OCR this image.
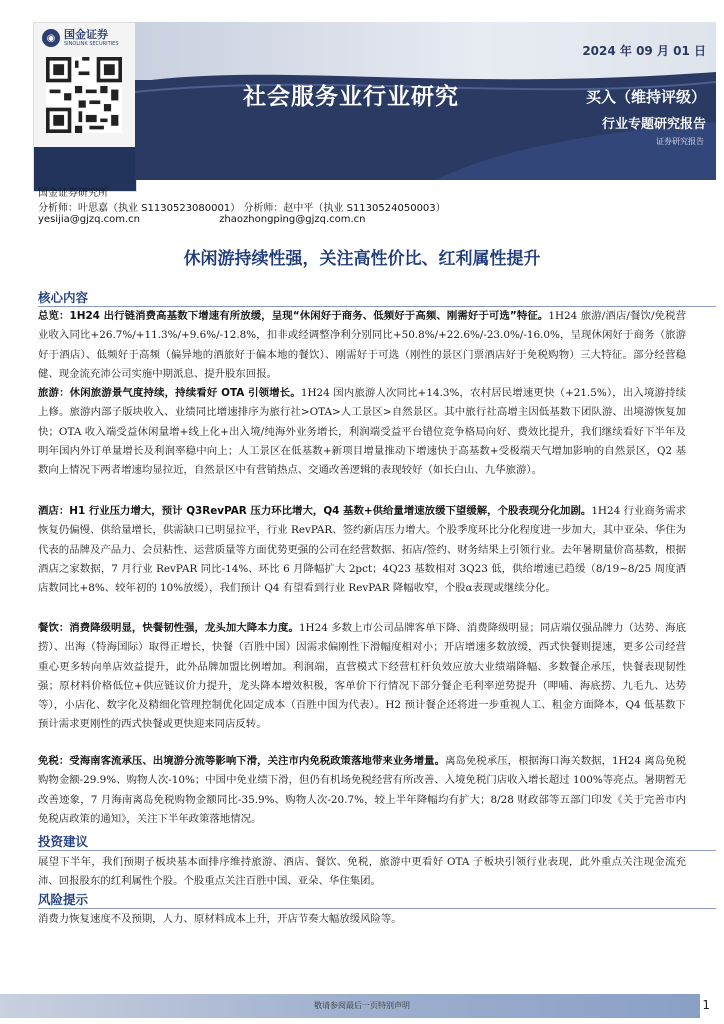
◉ 国金证券
SINOLINK SECURITIES	2024 年 09 月 01 日
社会服务业行业研究	买入（维持评级）
行业专题研究报告
证券研究报告
国金证券研究所
分析师：叶思嘉（执业 S1130523080001） 分析师：赵中平（执业 S1130524050003）
yesijia@gjzq.com.cn	zhaozhongping@gjzq.com.cn
休闲游持续性强，关注高性价比、红利属性提升
核心内容
总览：1H24 出行链消费高基数下增速有所放缓，呈现“休闲好于商务、低频好于高频、刚需好于可选”特征。1H24 旅游/酒店/餐饮/免税营业收入同比+26.7%/+11.3%/+9.6%/-12.8%，扣非或经调整净利分别同比+50.8%/+22.6%/-23.0%/-16.0%，呈现休闲好于商务（旅游好于酒店）、低频好于高频（偏异地的酒旅好于偏本地的餐饮）、刚需好于可选（刚性的景区门票酒店好于免税购物）三大特征。部分经营稳健、现金流充沛公司实施中期派息、提升股东回报。
旅游：休闲旅游景气度持续，持续看好 OTA 引领增长。1H24 国内旅游人次同比+14.3%，农村居民增速更快（+21.5%），出入境游持续上修。旅游内部子版块收入、业绩同比增速排序为旅行社>OTA>人工景区>自然景区。其中旅行社高增主因低基数下团队游、出境游恢复加快；OTA 收入端受益休闲量增+线上化+出入境/纯海外业务增长，利润端受益平台错位竞争格局向好、费效比提升，我们继续看好下半年及明年国内外订单量增长及利润率稳中向上；人工景区在低基数+新项目增量推动下增速快于高基数+受极端天气增加影响的自然景区，Q2 基数向上情况下两者增速均显拉近，自然景区中有营销热点、交通改善逻辑的表现较好（如长白山、九华旅游）。
酒店：H1 行业压力增大，预计 Q3RevPAR 压力环比增大，Q4 基数+供给量增速放缓下望缓解，个股表现分化加剧。1H24 行业商务需求恢复仍偏慢、供给量增长，供需缺口已明显拉平，行业 RevPAR、签约新店压力增大。个股季度环比分化程度进一步加大，其中亚朵、华住为代表的品牌及产品力、会员粘性、运营质量等方面优势更强的公司在经营数据、拓店/签约、财务结果上引领行业。去年暑期量价高基数，根据酒店之家数据，7 月行业 RevPAR 同比-14%、环比 6 月降幅扩大 2pct；4Q23 基数相对 3Q23 低，供给增速已趋缓（8/19~8/25 周度酒店数同比+8%、较年初的 10%放缓），我们预计 Q4 有望看到行业 RevPAR 降幅收窄，个股α表现或继续分化。
餐饮：消费降级明显，快餐韧性强，龙头加大降本力度。1H24 多数上市公司品牌客单下降、消费降级明显；同店端仅强品牌力（达势、海底捞）、出海（特海国际）取得正增长，快餐（百胜中国）因需求偏刚性下滑幅度相对小；开店增速多数放缓，西式快餐则提速，更多公司经营重心更多转向单店效益提升，此外品牌加盟比例增加。利润端，直营模式下经营杠杆负效应放大业绩端降幅、多数餐企承压，快餐表现韧性强；原材料价格低位+供应链议价力提升，龙头降本增效积极，客单价下行情况下部分餐企毛利率逆势提升（呷哺、海底捞、九毛九、达势等），小店化、数字化及精细化管理控制优化固定成本（百胜中国为代表）。H2 预计餐企还将进一步重视人工、租金方面降本，Q4 低基数下预计需求更刚性的西式快餐或更快迎来同店反转。
免税：受海南客流承压、出境游分流等影响下滑，关注市内免税政策落地带来业务增量。离岛免税承压，根据海口海关数据，1H24 离岛免税购物金额-29.9%、购物人次-10%；中国中免业绩下滑，但仍有机场免税经营有所改善、入境免税门店收入增长超过 100%等亮点。暑期暂无改善迹象，7 月海南离岛免税购物金额同比-35.9%、购物人次-20.7%，较上半年降幅均有扩大；8/28 财政部等五部门印发《关于完善市内免税店政策的通知》，关注下半年政策落地情况。
投资建议
展望下半年，我们预期子板块基本面排序维持旅游、酒店、餐饮、免税，旅游中更看好 OTA 子板块引领行业表现，此外重点关注现金流充沛、回报股东的红利属性个股。个股重点关注百胜中国、亚朵、华住集团。
风险提示
消费力恢复速度不及预期，人力、原材料成本上升，开店节奏大幅放缓风险等。
敬请参阅最后一页特别声明	1
